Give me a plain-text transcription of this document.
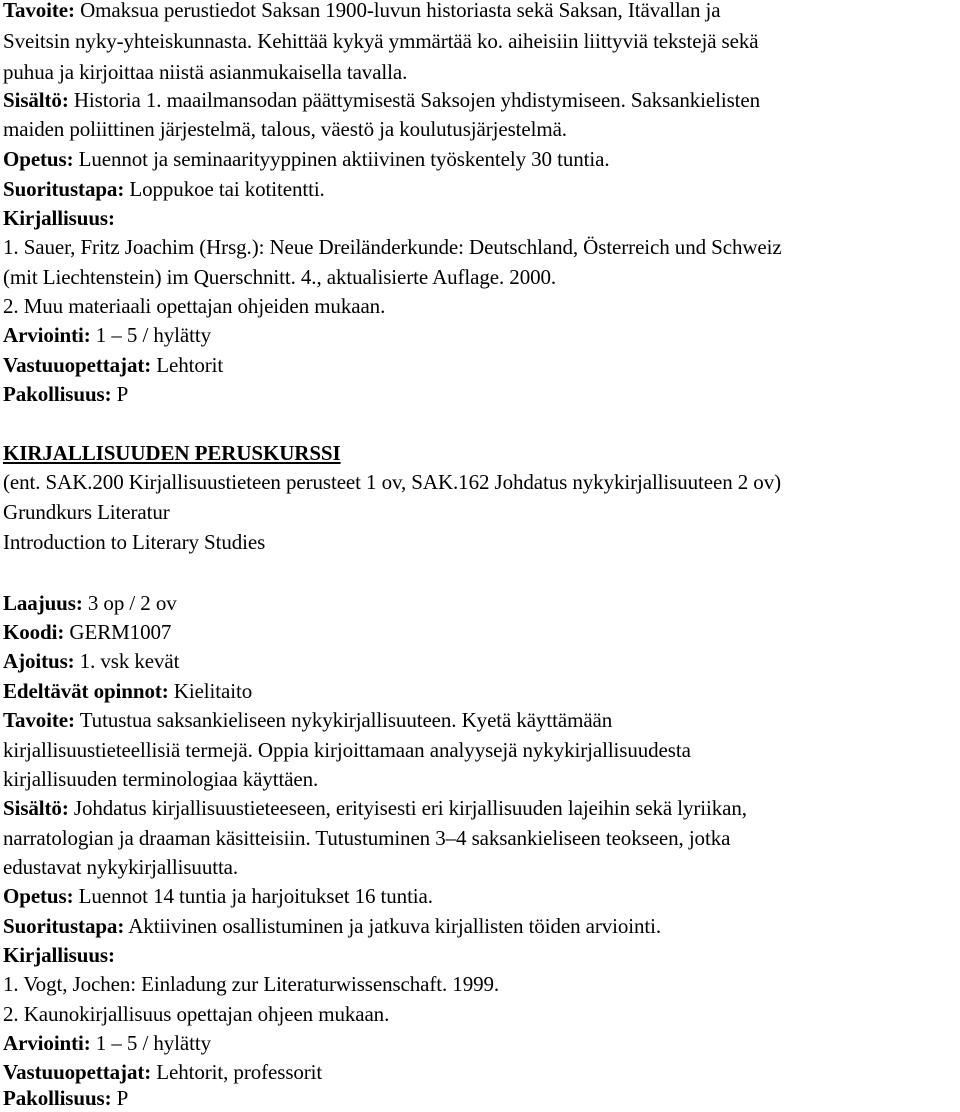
Tavoite: Omaksua perustiedot Saksan 1900-luvun historiasta sekä Saksan, Itävallan ja
Sveitsin nyky-yhteiskunnasta. Kehittää kykyä ymmärtää ko. aiheisiin liittyviä tekstejä sekä
puhua ja kirjoittaa niistä asianmukaisella tavalla.
Sisältö: Historia 1. maailmansodan päättymisestä Saksojen yhdistymiseen. Saksankielisten
maiden poliittinen järjestelmä, talous, väestö ja koulutusjärjestelmä.
Opetus: Luennot ja seminaarityyppinen aktiivinen työskentely 30 tuntia.
Suoritustapa: Loppukoe tai kotitentti.
Kirjallisuus:
1. Sauer, Fritz Joachim (Hrsg.): Neue Dreiländerkunde: Deutschland, Österreich und Schweiz
(mit Liechtenstein) im Querschnitt. 4., aktualisierte Auflage. 2000.
2. Muu materiaali opettajan ohjeiden mukaan.
Arviointi: 1 – 5 / hylätty
Vastuuopettajat: Lehtorit
Pakollisuus: P
KIRJALLISUUDEN PERUSKURSSI
(ent. SAK.200 Kirjallisuustieteen perusteet 1 ov, SAK.162 Johdatus nykykirjallisuuteen 2 ov)
Grundkurs Literatur
Introduction to Literary Studies
Laajuus: 3 op / 2 ov
Koodi: GERM1007
Ajoitus: 1. vsk kevät
Edeltävät opinnot: Kielitaito
Tavoite: Tutustua saksankieliseen nykykirjallisuuteen. Kyetä käyttämään
kirjallisuustieteellisiä termejä. Oppia kirjoittamaan analyysejä nykykirjallisuudesta
kirjallisuuden terminologiaa käyttäen.
Sisältö: Johdatus kirjallisuustieteeseen, erityisesti eri kirjallisuuden lajeihin sekä lyriikan,
narratologian ja draaman käsitteisiin. Tutustuminen 3–4 saksankieliseen teokseen, jotka
edustavat nykykirjallisuutta.
Opetus: Luennot 14 tuntia ja harjoitukset 16 tuntia.
Suoritustapa: Aktiivinen osallistuminen ja jatkuva kirjallisten töiden arviointi.
Kirjallisuus:
1. Vogt, Jochen: Einladung zur Literaturwissenschaft. 1999.
2. Kaunokirjallisuus opettajan ohjeen mukaan.
Arviointi: 1 – 5 / hylätty
Vastuuopettajat: Lehtorit, professorit
Pakollisuus: P
